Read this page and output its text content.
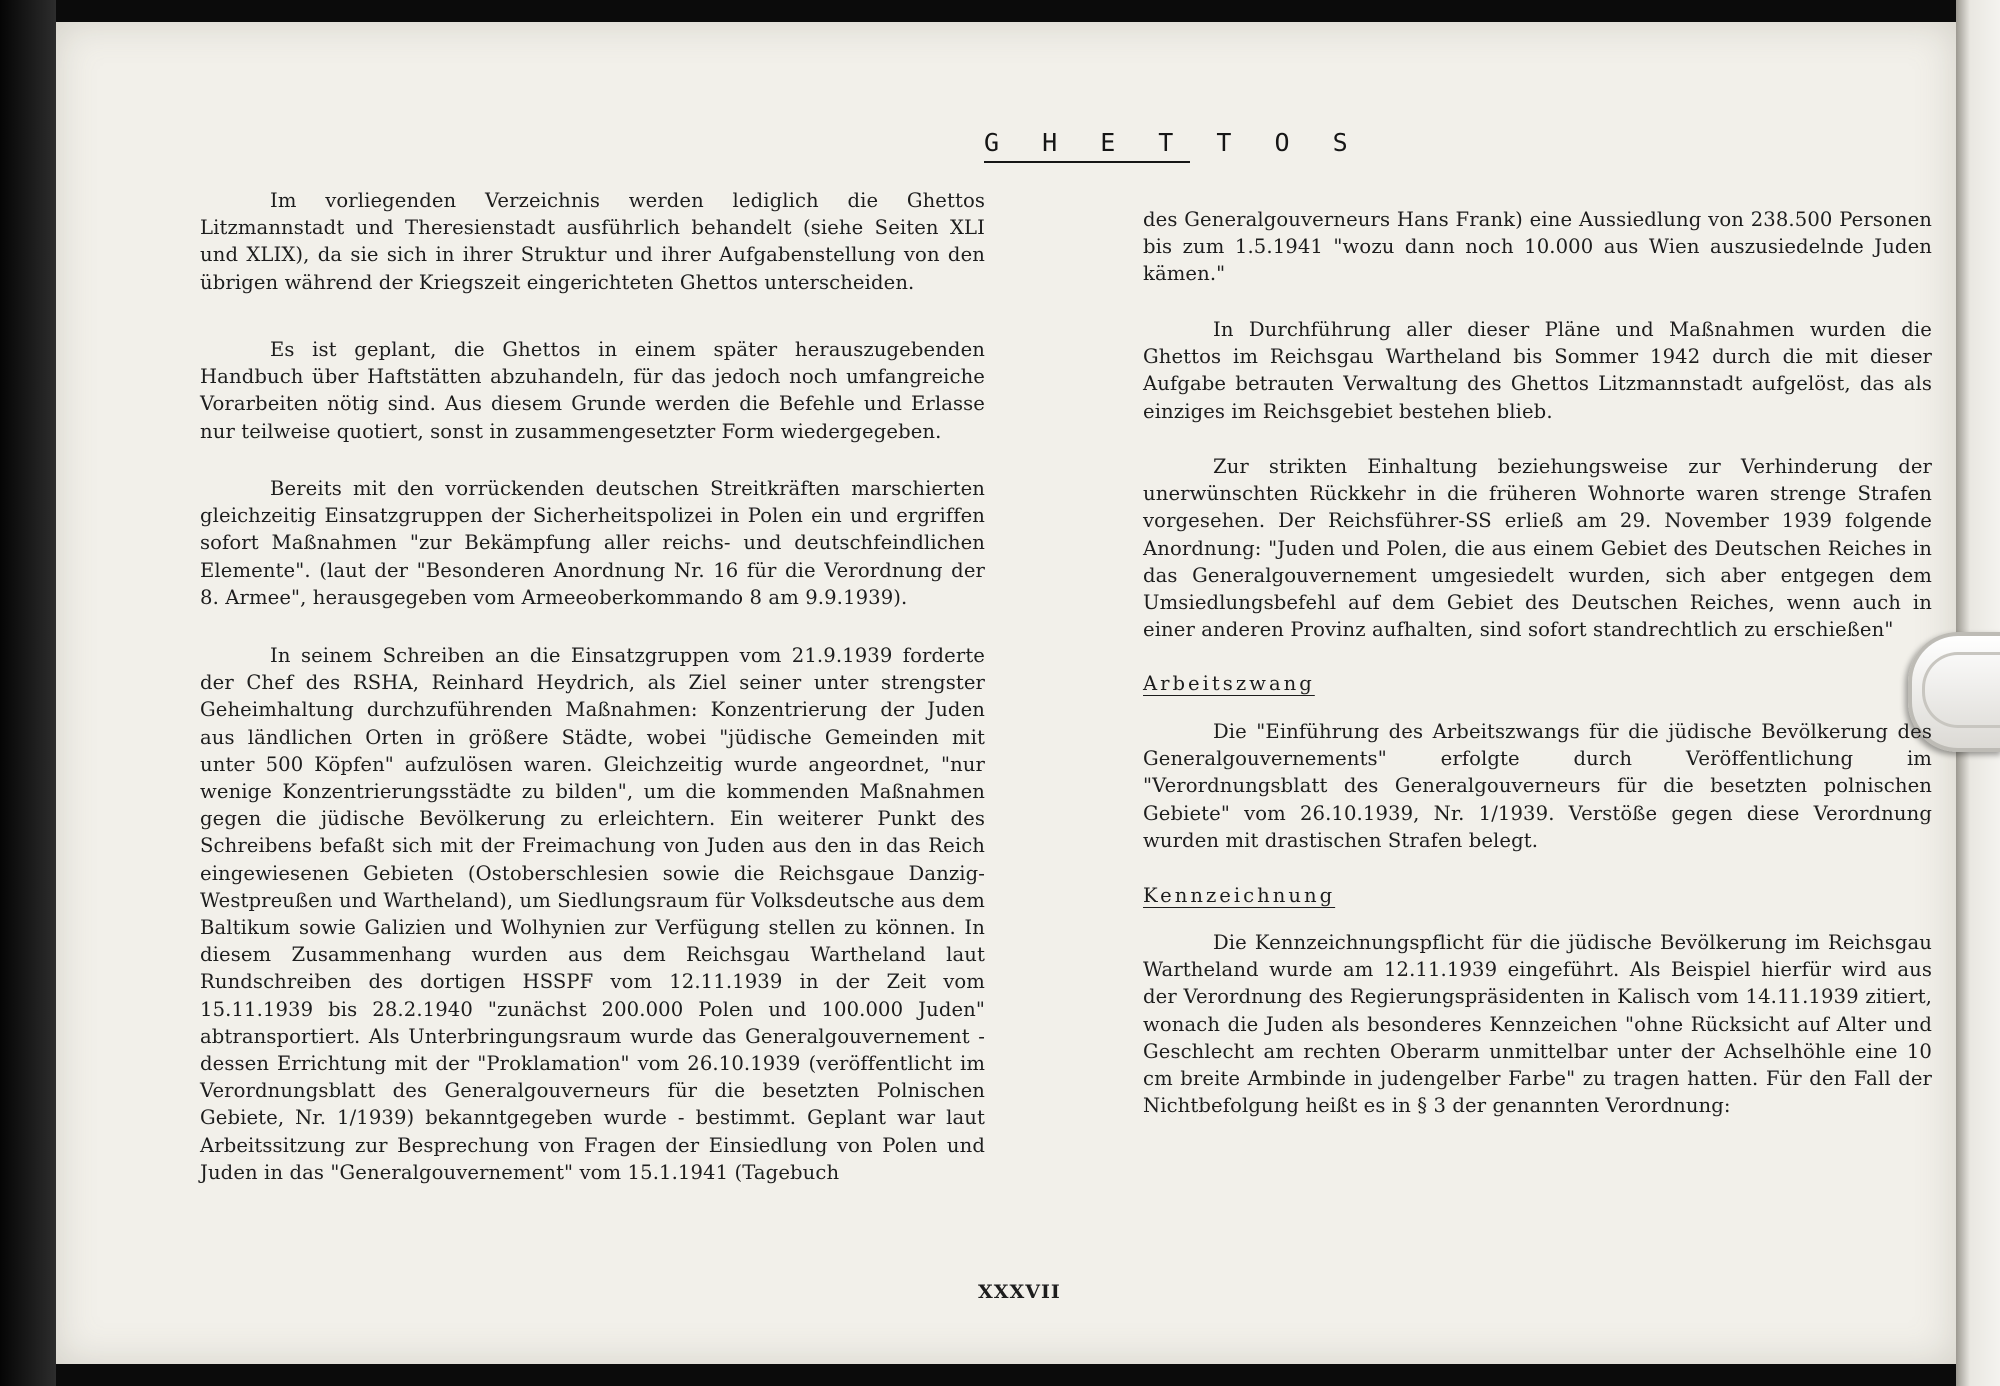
G H E T T O S

Im vorliegenden Verzeichnis werden lediglich die Ghettos Litzmannstadt und Theresienstadt ausführlich behandelt (siehe Seiten XLI und XLIX), da sie sich in ihrer Struktur und ihrer Aufgabenstellung von den übrigen während der Kriegszeit eingerichteten Ghettos unterscheiden.

Es ist geplant, die Ghettos in einem später herauszugebenden Handbuch über Haftstätten abzuhandeln, für das jedoch noch umfangreiche Vorarbeiten nötig sind. Aus diesem Grunde werden die Befehle und Erlasse nur teilweise quotiert, sonst in zusammengesetzter Form wiedergegeben.

Bereits mit den vorrückenden deutschen Streitkräften marschierten gleichzeitig Einsatzgruppen der Sicherheitspolizei in Polen ein und ergriffen sofort Maßnahmen "zur Bekämpfung aller reichs- und deutschfeindlichen Elemente". (laut der "Besonderen Anordnung Nr. 16 für die Verordnung der 8. Armee", herausgegeben vom Armeeoberkommando 8 am 9.9.1939).

In seinem Schreiben an die Einsatzgruppen vom 21.9.1939 forderte der Chef des RSHA, Reinhard Heydrich, als Ziel seiner unter strengster Geheimhaltung durchzuführenden Maßnahmen: Konzentrierung der Juden aus ländlichen Orten in größere Städte, wobei "jüdische Gemeinden mit unter 500 Köpfen" aufzulösen waren. Gleichzeitig wurde angeordnet, "nur wenige Konzentrierungsstädte zu bilden", um die kommenden Maßnahmen gegen die jüdische Bevölkerung zu erleichtern. Ein weiterer Punkt des Schreibens befaßt sich mit der Freimachung von Juden aus den in das Reich eingewiesenen Gebieten (Ostoberschlesien sowie die Reichsgaue Danzig-Westpreußen und Wartheland), um Siedlungsraum für Volksdeutsche aus dem Baltikum sowie Galizien und Wolhynien zur Verfügung stellen zu können. In diesem Zusammenhang wurden aus dem Reichsgau Wartheland laut Rundschreiben des dortigen HSSPF vom 12.11.1939 in der Zeit vom 15.11.1939 bis 28.2.1940 "zunächst 200.000 Polen und 100.000 Juden" abtransportiert. Als Unterbringungsraum wurde das Generalgouvernement - dessen Errichtung mit der "Proklamation" vom 26.10.1939 (veröffentlicht im Verordnungsblatt des Generalgouverneurs für die besetzten Polnischen Gebiete, Nr. 1/1939) bekanntgegeben wurde - bestimmt. Geplant war laut Arbeitssitzung zur Besprechung von Fragen der Einsiedlung von Polen und Juden in das "Generalgouvernement" vom 15.1.1941 (Tagebuch

des Generalgouverneurs Hans Frank) eine Aussiedlung von 238.500 Personen bis zum 1.5.1941 "wozu dann noch 10.000 aus Wien auszusiedelnde Juden kämen."

In Durchführung aller dieser Pläne und Maßnahmen wurden die Ghettos im Reichsgau Wartheland bis Sommer 1942 durch die mit dieser Aufgabe betrauten Verwaltung des Ghettos Litzmannstadt aufgelöst, das als einziges im Reichsgebiet bestehen blieb.

Zur strikten Einhaltung beziehungsweise zur Verhinderung der unerwünschten Rückkehr in die früheren Wohnorte waren strenge Strafen vorgesehen. Der Reichsführer-SS erließ am 29. November 1939 folgende Anordnung: "Juden und Polen, die aus einem Gebiet des Deutschen Reiches in das Generalgouvernement umgesiedelt wurden, sich aber entgegen dem Umsiedlungsbefehl auf dem Gebiet des Deutschen Reiches, wenn auch in einer anderen Provinz aufhalten, sind sofort standrechtlich zu erschießen"

Arbeitszwang

Die "Einführung des Arbeitszwangs für die jüdische Bevölkerung des Generalgouvernements" erfolgte durch Veröffentlichung im "Verordnungsblatt des Generalgouverneurs für die besetzten polnischen Gebiete" vom 26.10.1939, Nr. 1/1939. Verstöße gegen diese Verordnung wurden mit drastischen Strafen belegt.

Kennzeichnung

Die Kennzeichnungspflicht für die jüdische Bevölkerung im Reichsgau Wartheland wurde am 12.11.1939 eingeführt. Als Beispiel hierfür wird aus der Verordnung des Regierungspräsidenten in Kalisch vom 14.11.1939 zitiert, wonach die Juden als besonderes Kennzeichen "ohne Rücksicht auf Alter und Geschlecht am rechten Oberarm unmittelbar unter der Achselhöhle eine 10 cm breite Armbinde in judengelber Farbe" zu tragen hatten. Für den Fall der Nichtbefolgung heißt es in § 3 der genannten Verordnung:

XXXVII
